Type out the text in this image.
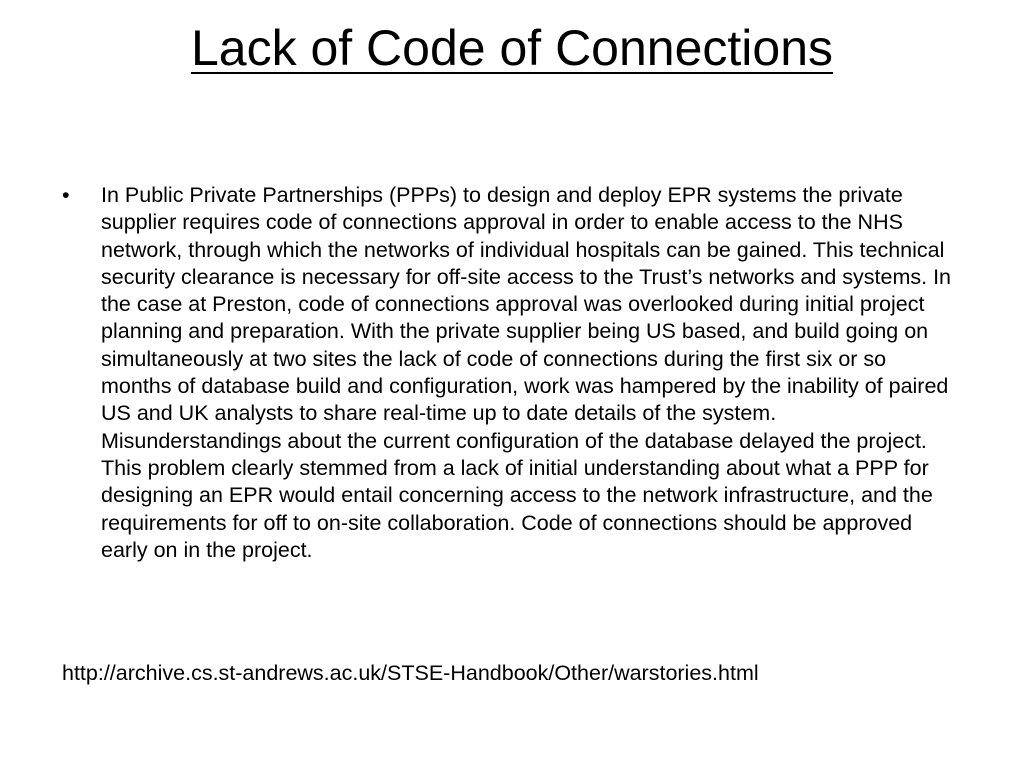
Lack of Code of Connections
• In Public Private Partnerships (PPPs) to design and deploy EPR systems the private supplier requires code of connections approval in order to enable access to the NHS network, through which the networks of individual hospitals can be gained. This technical security clearance is necessary for off-site access to the Trust’s networks and systems. In the case at Preston, code of connections approval was overlooked during initial project planning and preparation. With the private supplier being US based, and build going on simultaneously at two sites the lack of code of connections during the first six or so months of database build and configuration, work was hampered by the inability of paired US and UK analysts to share real-time up to date details of the system. Misunderstandings about the current configuration of the database delayed the project. This problem clearly stemmed from a lack of initial understanding about what a PPP for designing an EPR would entail concerning access to the network infrastructure, and the requirements for off to on-site collaboration. Code of connections should be approved early on in the project.

http://archive.cs.st-andrews.ac.uk/STSE-Handbook/Other/warstories.html
